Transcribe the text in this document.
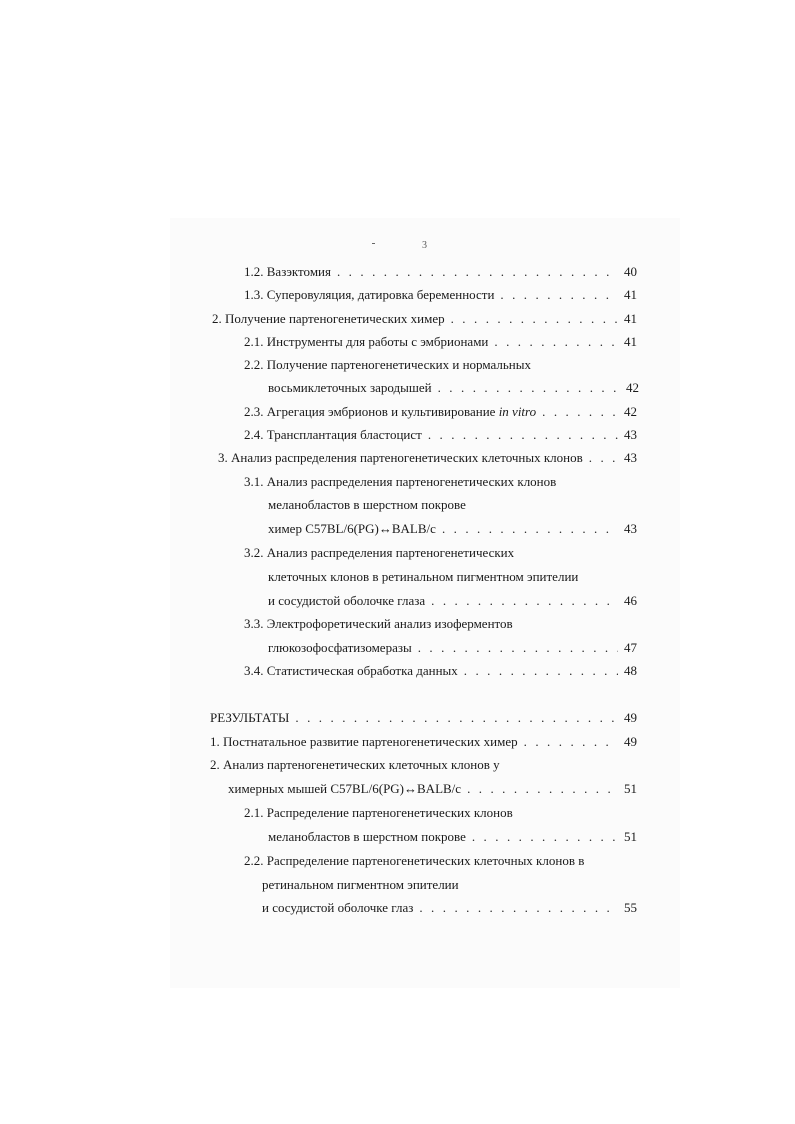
3
1.2. Вазэктомия . . .	40
1.3. Суперовуляция, датировка беременности . . .	41
2. Получение партеногенетических химер . . .	41
2.1. Инструменты для работы с эмбрионами . . .	41
2.2. Получение партеногенетических и нормальных
восьмиклеточных зародышей . . .	42
2.3. Агрегация эмбрионов и культивирование in vitro . . .	42
2.4. Трансплантация бластоцист . . .	43
3. Анализ распределения партеногенетических клеточных клонов . . .	43
3.1. Анализ распределения партеногенетических клонов
меланобластов в шерстном покрове
химер C57BL/6(PG)↔BALB/c . . .	43
3.2. Анализ распределения партеногенетических
клеточных клонов в ретинальном пигментном эпителии
и сосудистой оболочке глаза . . .	46
3.3. Электрофоретический анализ изоферментов
глюкозофосфатизомеразы . . .	47
3.4. Статистическая обработка данных . . .	48
РЕЗУЛЬТАТЫ . . .	49
1. Постнатальное развитие партеногенетических химер . . .	49
2. Анализ партеногенетических клеточных клонов у
химерных мышей C57BL/6(PG)↔BALB/c . . .	51
2.1. Распределение партеногенетических клонов
меланобластов в шерстном покрове . . .	51
2.2. Распределение партеногенетических клеточных клонов в
ретинальном пигментном эпителии
и сосудистой оболочке глаз . . .	55
